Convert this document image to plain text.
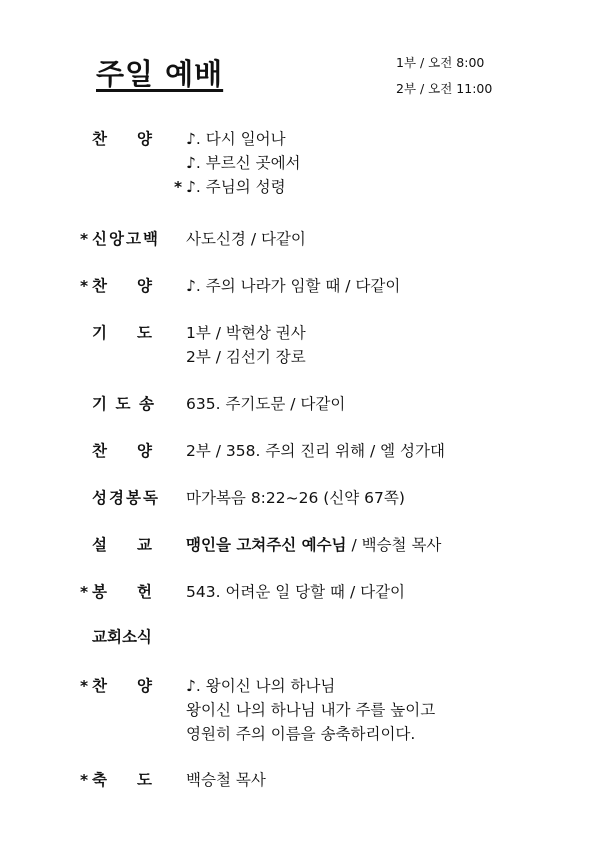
주일 예배	1부 / 오전 8:00
2부 / 오전 11:00
찬 양	♪. 다시 일어나
♪. 부르신 곳에서
* ♪. 주님의 성령
* 신 앙 고 백 사도신경 / 다같이
* 찬 양 ♪. 주의 나라가 임할 때 / 다같이
기 도 1부 / 박현상 권사
2부 / 김선기 장로
기 도 송 635. 주기도문 / 다같이
찬 양 2부 / 358. 주의 진리 위해 / 엘 성가대
성 경 봉 독 마가복음 8:22~26 (신약 67쪽)
설 교 맹인을 고쳐주신 예수님 / 백승철 목사
* 봉 헌 543. 어려운 일 당할 때 / 다같이
교회소식
* 찬 양 ♪. 왕이신 나의 하나님
왕이신 나의 하나님 내가 주를 높이고
영원히 주의 이름을 송축하리이다.
* 축 도 백승철 목사
